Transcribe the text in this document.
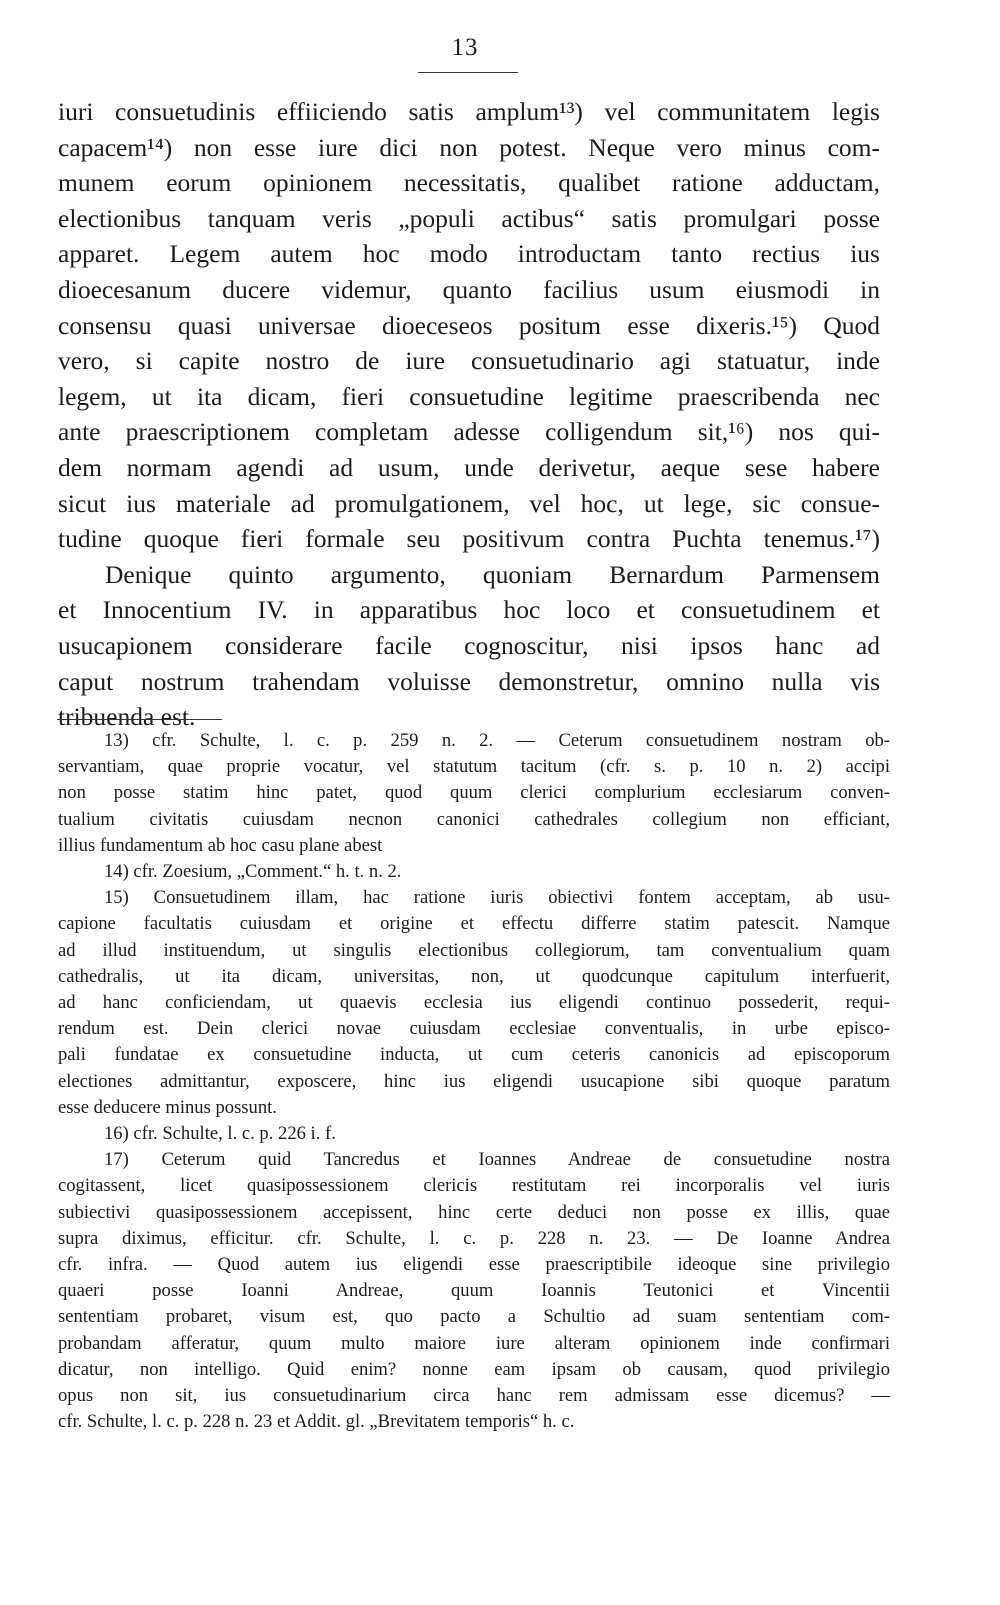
13
iuri consuetudinis effiiciendo satis amplum¹³) vel communitatem legis
capacem¹⁴) non esse iure dici non potest. Neque vero minus com-
munem eorum opinionem necessitatis, qualibet ratione adductam,
electionibus tanquam veris „populi actibus“ satis promulgari posse
apparet. Legem autem hoc modo introductam tanto rectius ius
dioecesanum ducere videmur, quanto facilius usum eiusmodi in
consensu quasi universae dioeceseos positum esse dixeris.¹⁵) Quod
vero, si capite nostro de iure consuetudinario agi statuatur, inde
legem, ut ita dicam, fieri consuetudine legitime praescribenda nec
ante praescriptionem completam adesse colligendum sit,¹⁶) nos qui-
dem normam agendi ad usum, unde derivetur, aeque sese habere
sicut ius materiale ad promulgationem, vel hoc, ut lege, sic consue-
tudine quoque fieri formale seu positivum contra Puchta tenemus.¹⁷)
Denique quinto argumento, quoniam Bernardum Parmensem
et Innocentium IV. in apparatibus hoc loco et consuetudinem et
usucapionem considerare facile cognoscitur, nisi ipsos hanc ad
caput nostrum trahendam voluisse demonstretur, omnino nulla vis
tribuenda est.
13) cfr. Schulte, l. c. p. 259 n. 2. — Ceterum consuetudinem nostram ob-
servantiam, quae proprie vocatur, vel statutum tacitum (cfr. s. p. 10 n. 2) accipi
non posse statim hinc patet, quod quum clerici complurium ecclesiarum conven-
tualium civitatis cuiusdam necnon canonici cathedrales collegium non efficiant,
illius fundamentum ab hoc casu plane abest
14) cfr. Zoesium, „Comment.“ h. t. n. 2.
15) Consuetudinem illam, hac ratione iuris obiectivi fontem acceptam, ab usu-
capione facultatis cuiusdam et origine et effectu differre statim patescit. Namque
ad illud instituendum, ut singulis electionibus collegiorum, tam conventualium quam
cathedralis, ut ita dicam, universitas, non, ut quodcunque capitulum interfuerit,
ad hanc conficiendam, ut quaevis ecclesia ius eligendi continuo possederit, requi-
rendum est. Dein clerici novae cuiusdam ecclesiae conventualis, in urbe episco-
pali fundatae ex consuetudine inducta, ut cum ceteris canonicis ad episcoporum
electiones admittantur, exposcere, hinc ius eligendi usucapione sibi quoque paratum
esse deducere minus possunt.
16) cfr. Schulte, l. c. p. 226 i. f.
17) Ceterum quid Tancredus et Ioannes Andreae de consuetudine nostra
cogitassent, licet quasipossessionem clericis restitutam rei incorporalis vel iuris
subiectivi quasipossessionem accepissent, hinc certe deduci non posse ex illis, quae
supra diximus, efficitur. cfr. Schulte, l. c. p. 228 n. 23. — De Ioanne Andrea
cfr. infra. — Quod autem ius eligendi esse praescriptibile ideoque sine privilegio
quaeri posse Ioanni Andreae, quum Ioannis Teutonici et Vincentii
sententiam probaret, visum est, quo pacto a Schultio ad suam sententiam com-
probandam afferatur, quum multo maiore iure alteram opinionem inde confirmari
dicatur, non intelligo. Quid enim? nonne eam ipsam ob causam, quod privilegio
opus non sit, ius consuetudinarium circa hanc rem admissam esse dicemus? —
cfr. Schulte, l. c. p. 228 n. 23 et Addit. gl. „Brevitatem temporis“ h. c.
